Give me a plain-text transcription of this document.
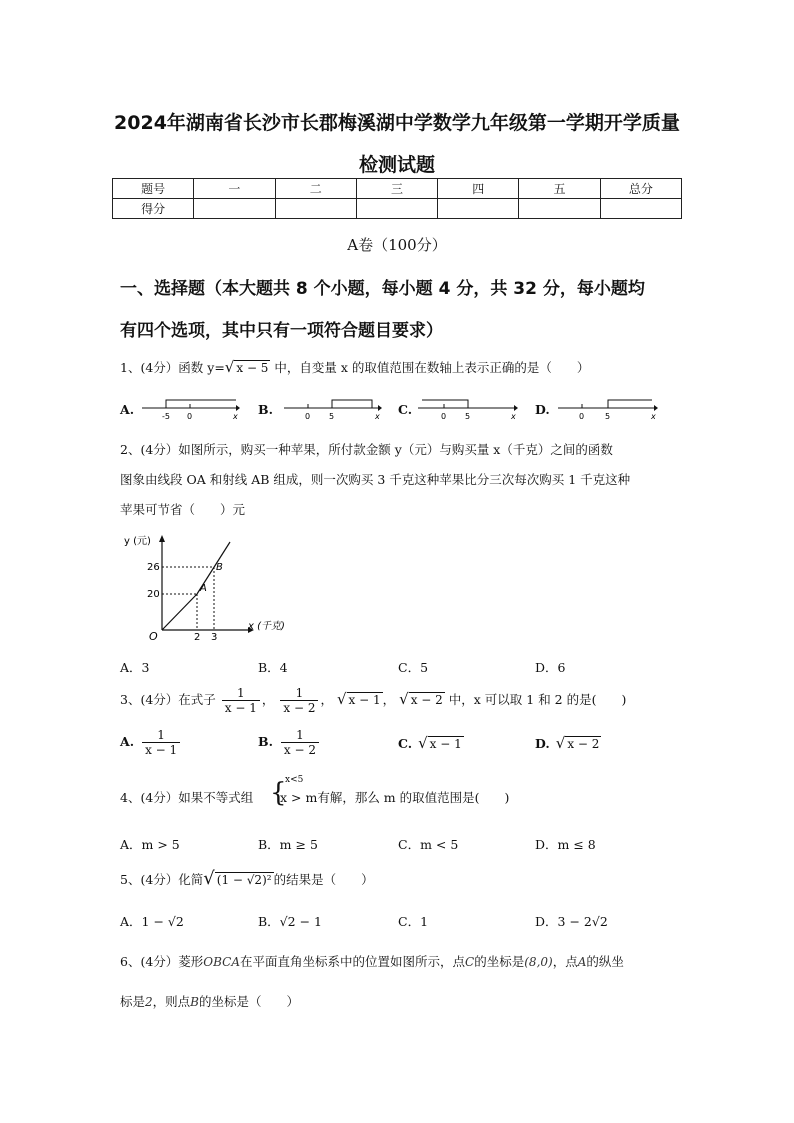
2024年湖南省长沙市长郡梅溪湖中学数学九年级第一学期开学质量
检测试题
题号	一	二	三	四	五	总分
得分						
A卷（100分）
一、选择题（本大题共 8 个小题，每小题 4 分，共 32 分，每小题均
有四个选项，其中只有一项符合题目要求）
1、(4分）函数 y=√ x − 5 中，自变量 x 的取值范围在数轴上表示正确的是（　　）
A.	-5 0	x B.	0 5	x C.	0 5	x D.	0	5	x
2、(4分）如图所示，购买一种苹果，所付款金额 y（元）与购买量 x（千克）之间的函数
图象由线段 OA 和射线 AB 组成，则一次购买 3 千克这种苹果比分三次每次购买 1 千克这种
苹果可节省（　　）元
y (元)
x (千克)
O
A
B
20
26
2 3
A．3	B．4	C．5	D．6
3、(4分）在式子 $\frac{1}{x - 1}$ ， $\frac{1}{x - 2}$ ， √ x − 1 ， √ x − 2 中，x 可以取 1 和 2 的是(　　)
A. $\frac{1}{x - 1}$	B. $\frac{1}{x - 2}$	C. √ x − 1	D. √ x − 2
4、(4分）如果不等式组 {
x<5
x > m有解，那么 m 的取值范围是(　　)
A．m > 5	B．m ≥ 5	C．m < 5	D．m ≤ 8
5、(4分）化简√ (1 − √2)² 的结果是（　　）
A．1 − √2	B．√2 − 1	C．1	D．3 − 2√2
6、(4分）菱形OBCA在平面直角坐标系中的位置如图所示，点C的坐标是(8,0)，点A的纵坐
标是2，则点B的坐标是（　　）
